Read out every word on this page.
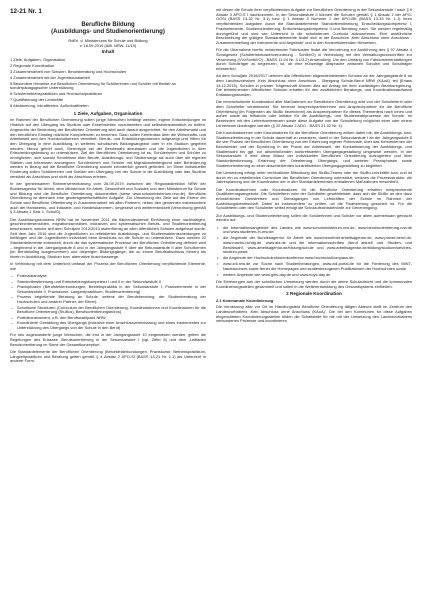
12-21 Nr. 1
Berufliche Bildung
(Ausbildungs- und Studienorientierung)
RdErl. d. Ministeriums für Schule und Bildung
v. 16.09.2019 (ABl. NRW. 11/19)
Inhalt
1 Ziele, Aufgaben, Organisation
2 Regionale Koordination
3 Zusammenarbeit von Schulen, Berufsberatung und Hochschulen
4 Zusammenarbeit mit der Jugendsozialarbeit
5 Besondere Hinweise zur Beruflichen Orientierung für Schülerinnen und Schüler mit Bedarf an sonderpädagogischer Unterstützung
6 Schülerbetriebspraktikum und Hochschulpraktikum
7 Qualifizierung der Lehrkräfte
8 Abstimmung, Inkrafttreten, Außerkrafttreten
1 Ziele, Aufgaben, Organisation

Im Rahmen der Beruflichen Orientierung sollen junge Menschen befähigt werden, eigene Entscheidungen im Hinblick auf den Übergang ins Studium oder Erwerbsleben vorzubereiten und selbstverantwortlich zu treffen. Angesichts der Bedeutung der Beruflichen Orientierung wird auch darauf ausgerichtet, für den Arbeitsmarkt und den beruflichen Einstieg nützliche Kompetenzen zu beziehen. Dazu sollen Kenntnisse über die Wirtschafts- und Arbeitswelt und den Hochschulbereich vermittelt, Berufs- und Entwicklungschancen aufgezeigt und Hilfen für den Übergang in eine Ausbildung, in weiteres schulisches Bildungsangebot oder in ein Studium gegeben werden. Hierzu gehört auch, Stereotype bei der Berufswahl abzubauen und die Jugendlichen in ihrer Entscheidungsfindung zu unterstützen. Ziel der Beruflichen Orientierung ist es, Schülerinnen und Schüler zu ermöglichen, sich sowohl Kenntnisse über Berufe, Ausbildungs- und Studienwege als auch über die eigenen Stärken und Interessen anzueignen. Schülerinnen und Schüler mit Migrationshintergrund oder Behinderung werden in Bezug auf die Berufliche Orientierung sowohl erforderlich gezielt gefördert. Im Sinne individueller Förderung sollen Schülerinnen und Schüler den Übergang von der Schule in die Ausbildung oder das Studium verstärkt als Anschluss und nicht als Abschluss erleben.

In der gemeinsamen Rahmenvereinbarung vom 26.09.2019 zwischen der Regionaldirektion NRW der Bundesagentur für Arbeit, dem Ministerium für Arbeit, Gesundheit und Soziales und dem Ministerium für Schule und Bildung wird die Berufliche Orientierung dokumentiert (siehe www.schulministerium.nrw.de). Berufliche Orientierung ist demnach eine gesamtgesellschaftliche Aufgabe. Zur Umsetzung der Ziele auf der Ebene der Schule wird Berufliche Orientierung in Zusammenarbeit mit allen Partnern, neben den genannten insbesondere auch der Handwerks- und Industrie- und Handelskammern, umgesetzt und weiterentwickelt (Verordnung gemäß § 3 Absatz 1 Satz 1, SchulG).

Der Ausbildungskonsens NRW hat im November 2011 die flächendeckende Einführung einer nachhaltigen, geschlechtersensiblen, migrationssensiblen, inklusiven und systematischen Berufs- und Studienorientierung beschlossen, welche seit dem Schuljahr 2012/2013 stufenförmig an allen öffentlichen Schulen aufgebaut wurde. Seit dem Jahr 2016 sind die Jugendlichen zu reflektierten Ausbildungs- und Studienwahlentscheidungen zu befähigen und die Jugendlichen individuell beim Anschluss an die Schule zu unterstützen. Dazu werden 22 Standardelemente entwickelt, durch die das systematische Prozesse der Beruflichen Orientierung definiert wird – beginnend in der Jahrgangsstufe 8 und in der Jahrgangsstufe 9 über die Sekundarstufe II aller Schulformen (im Berufskolleg ausgenommen) und diejenigen Bildungsgänge, die zu einem Berufsabschluss führen) bis hinein in Ausbildung, Studium bzw. alternative Anschlusswege.

In Verbindung mit dem Unterricht umfasst der Prozess der Beruflichen Orientierung verpflichtende Elemente, wie

– Potenzialanalyse
– Standortbestimmung und Entscheidungskompetenz I und II in der Sekundarstufe II
– Praxisphasen (Berufsfelderkundungen, Betriebspraktika in der Sekundarstufe I, Praxiselemente in der Sekundarstufe II, Praxiskurse, Langzeitpraktikum, Studienorientierung)
– Prozess begleitende Beratung an Schule, seitens der Berufsberatung, der Studienberatung der Hochschulen und anderer Partner, der Eltern)
– Schulische Strukturen (Curriculum der Beruflichen Orientierung, Koordinatorinnen und Koordinatoren für die Berufliche Orientierung (StuBos), Berufsorientierungsbüros)
– Portfolioinstrument, z.B. den Berufswahlpass NRW
– Koordinierte Gestaltung des Übergangs (inklusive einer Anschlussvereinbarung und eines Instrumentes zur Unterstützung des Übergangs von der Schule in den Beruf)

Für neu zugewanderte junge Menschen, die erst in der Jahrgangsstufe 10 eingewiesen werden, gelten die Regelungen des Erlasses ‚Berufsorientierung in der Sekundarstufe I (vgl. Ziffer 8) und dem ‚Leitfaden Berufsorientierung im Sinne der Gesamtkonzeption'.

Die Standardelemente der Beruflichen Orientierung (Berufsfelderkundungen, Praxiskurse, Betriebspraktikum, Langzeitpraktikum und Beratung gelten gemäß § 4 Absatz 2 APO-SI (BASS 13-21 Nr. 1.1) als Unterricht in anderer Form.

mit denen die Schule ihrer verpflichtenden Aufgabe zur Beruflichen Orientierung in der Sekundarstufe I nach § 9 Absatz 3 APO-S I nachkommen. In der Sekundarstufe II können die Schulen gemäß § 1 Absatz 2 der APO-GOSt (BASS 13-32 Nr. 3.1) bzw. § 1 Absatz 3 Nummer 1 der APO-BK (BASS 13-33 Nr. 1.1) Ihren verpflichtenden Aufgaben durch die Standardelemente Standortbestimmung, Entscheidungskompetenz I, Praxiselemente, Studienorientierung, Entscheidungskompetenz II und Beratung nach. Sie werden regelmäßig durchgeführt und sind wie Unterricht in die schulinternen Curricula aufzunehmen. Eine ausführliche Beschreibung der gültigen Standardelemente findet sich in der Broschüre ‚Kein Abschluss ohne Anschluss - Zusammenstellung der Instrumente und Angebote' und in den Konkretisierenden Hinweisen.

Für die Übernahme hierfür entstehender Fahrkosten findet die Verordnung zur Ausführung des § 97 Absatz 4 Schulgesetz (Schülerfahrkostenverordnung - SchfkVO) in Verbindung mit den Verwaltungsvorschriften zur Verordnung (VVzSchfkVO) - BASS 11-04 Nr. 3.1/3.2) Anwendung. Um den Umfang von Fahrkostenerstattungen durch Schulträger zu begrenzen, ist, ob eine frühzeitige Absprache zwischen Schulen und Schulträger erforderlich.

Ab dem Schuljahr 2016/2017 nehmen alle öffentlichen allgemeinbildenden Schulen ab der Jahrgangsstufe 8 an dem Landesvorhaben ‚Kein Abschluss ohne Anschluss - Übergang Schule-Beruf NRW (KAoA)' teil (Erlass 14.12.2015). Schulen in privater Trägerschaft können dies auf Antrag bei ihrer zuständigen Bezirksregierung. Die teilnehmenden öffentlichen Schulen erhalten für den zusätzlichen Beratungs- und Koordinationsaufwand Entlastungsstunden.

Die innerschulische Koordination aller Maßnahmen zur Beruflichen Orientierung wird von der Schulleiterin oder dem Schulleiter verantwortet. Sie benennt Ansprechpartnerinnen und Ansprechpartner für die Berufliche Orientierung (im Folgenden als StuBo bezeichnet) als Ansprechpartner für dieses Themenfeld nach innen und außen sowie als Initiatorin oder Initiator für die Ausbildungs- und Studienwahlprozesse der Schule. Im Benehmen mit den Lehrerkonferenzen sowie diese Aufgabe von der Schulleitung möglichst einer oder einem Lehrerteam übertragen werden (§ 20 Absatz 2 ADO - BASS 21-02 Nr. 4).

Die Koordinatorinnen oder Koordinatoren für die Berufliche Orientierung wirken dabei mit, die Ausbildungs- bzw. Studienorientierung in der Schule dauerhaft zu verankern, damit in der Sekundarstufe I ab der Jahrgangsstufe 8 die vier Phasen der Beruflichen Orientierung von der Erkennung eigener Potenziale, über das Kennenlernen der Berufsfelder und der Erprobung in der Praxis der Arbeitswelt, der Konkretisierung der Ausbildungs- und Studienwahl bis ggf. zur abschließenden konkretisierten Übergangsgestaltung umgesetzt werden. In der Sekundarstufe II wird diese Bilanz der individuellen Beruflichen Orientierung aufzugreifen und über Standortbestimmung, Erfahrung der Orientierung, Übergangs- und weiterer Praxisphasen sowie Studienorientierung zu einer abschließenden konkretisierten Übergangsgestaltung zu begleiten.

Die Umsetzung erfolgt unter verbindlicher Mitwirkung des StuBo-Teams oder der StuBo-Lehrkräfte bzw. und ist durch ein zu erstellendes Curriculum der Beruflichen Orientierung unterstützt, welches die Prozessstruktur, die Jahresplanung und die Koordination der in den Standardelementen enthaltenen Maßnahmen einschließt.

Die Koordinatorinnen oder Koordinatoren für die Berufliche Orientierung erhalten entsprechende Qualifizierungsangebote. Die Schulleiterin oder der Schulleiter gewährleistet, dass sich die StuBo an den dazu erforderlichen Dienstreisen und Dienstgängen von Lehrkräften der Schule im Rahmen der Ausbildungsbereitschaft. Dabei ist insbesondere zu prüfen, ob die Finanzierung gesichert ist. Für die Schulleiterin oder den Schulleiter selbst erfolgt die Schulaufsichtsbehörde zur Genehmigung.

Zur Ausbildungs- und Studienorientierung sollen die Schülerinnen und Schüler vor allem aufmerksam gemacht werden auf

• die Informationsangebote des Landes wie www.schulministerium.nrw.de, www.berufsorientierung-nrw.de und www.studieren-in-nrw.de
• die Angebote der Bundesagentur für Arbeit wie www.berufenet.arbeitsagentur.de, www.planet-beruf.de, www.machs-richtig.de, www.abi.de und die Informationsschriften ‚Beruf aktuell' und ‚Studien- und Berufswahl', www.arbeitsagentur.de/bildung/schule und www.arbeitsagentur.de/bildung/studium/welches-studium-passt
• die Angebote der Hochschulrektorenkonferenz www.hochschulkompass.de,
• www.zdi-nrw.de zur Suche nach Studienberatungen, www.zdi-portal.de für die Förderung des MINT-Nachwuchses sowie ferner die Homepages und studienbezogenen Publikationen der Hochschulen sowie
• weitere Angebote wie www.girls-day.de und www.boys-day.de

Die Erfahrungen aus der schulischen Umsetzung werden durch die obere Schulaufsicht und die kommunalen Koordinierungsstellen gesammelt und sollen in die Weiterentwicklung des Gesamtsystems einfließen.

2 Regionale Koordination
2.1 Kommunale Koordinierung

Die Vernetzung aller vor Ort im Handlungsfeld Berufliche Orientierung tätigen Akteure stellt im Zentrum des Landesvorhabens ‚Kein Abschluss ohne Anschluss (KAoA)'. Die bei den Kommunen für diese Aufgaben eingerichteten Koordinierungsstellen bilden die Schaltstelle für die mit der Umsetzung des Landesvorhabens verbundenen Prozesse und koordinieren
